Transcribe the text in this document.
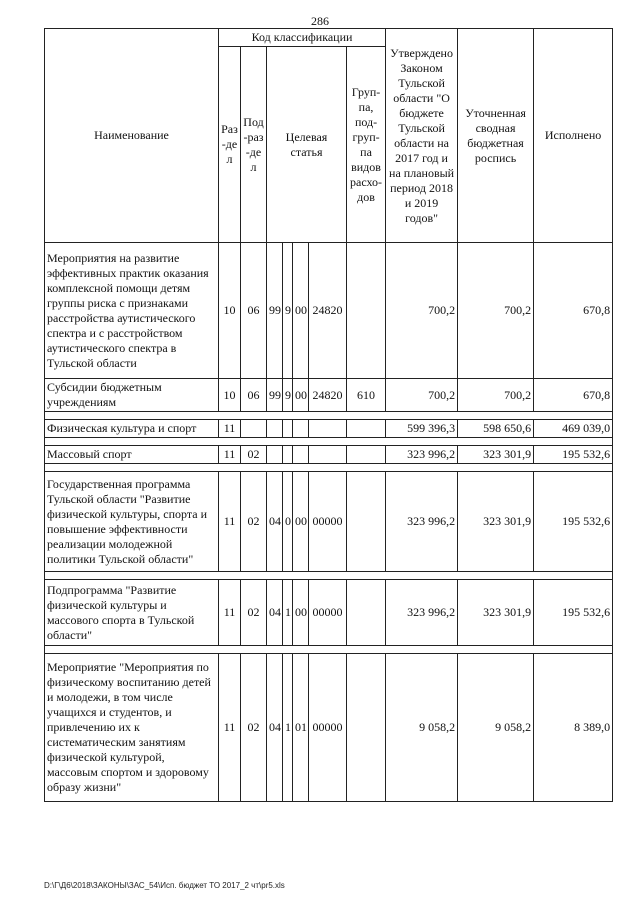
286
Наименование	Код классификации							Утверждено Законом Тульской области "О бюджете Тульской области на 2017 год и на плановый период 2018 и 2019 годов"	Уточненная сводная бюджетная роспись	Исполнено
	Раз-дел	Под-раз-дел	Целевая статья				Груп-па, под-груп-па видов расхо-дов			
Мероприятия на развитие эффективных практик оказания комплексной помощи детям группы риска с признаками расстройства аутистического спектра и с расстройством аутистического спектра в Тульской области	10	06	99	9	00	24820		700,2	700,2	670,8
Субсидии бюджетным учреждениям	10	06	99	9	00	24820	610	700,2	700,2	670,8

Физическая культура и спорт	11							599 396,3	598 650,6	469 039,0

Массовый спорт	11	02						323 996,2	323 301,9	195 532,6

Государственная программа Тульской области "Развитие физической культуры, спорта и повышение эффективности реализации молодежной политики Тульской области"	11	02	04	0	00	00000		323 996,2	323 301,9	195 532,6

Подпрограмма "Развитие физической культуры и массового спорта в Тульской области"	11	02	04	1	00	00000		323 996,2	323 301,9	195 532,6

Мероприятие "Мероприятия по физическому воспитанию детей и молодежи, в том числе учащихся и студентов, и привлечению их к систематическим занятиям физической культурой, массовым спортом и здоровому образу жизни"	11	02	04	1	01	00000		9 058,2	9 058,2	8 389,0
D:\Г\Д6\2018\ЗАКОНЫ\ЗАС_54\Исп. бюджет ТО 2017_2 чт\pr5.xls
